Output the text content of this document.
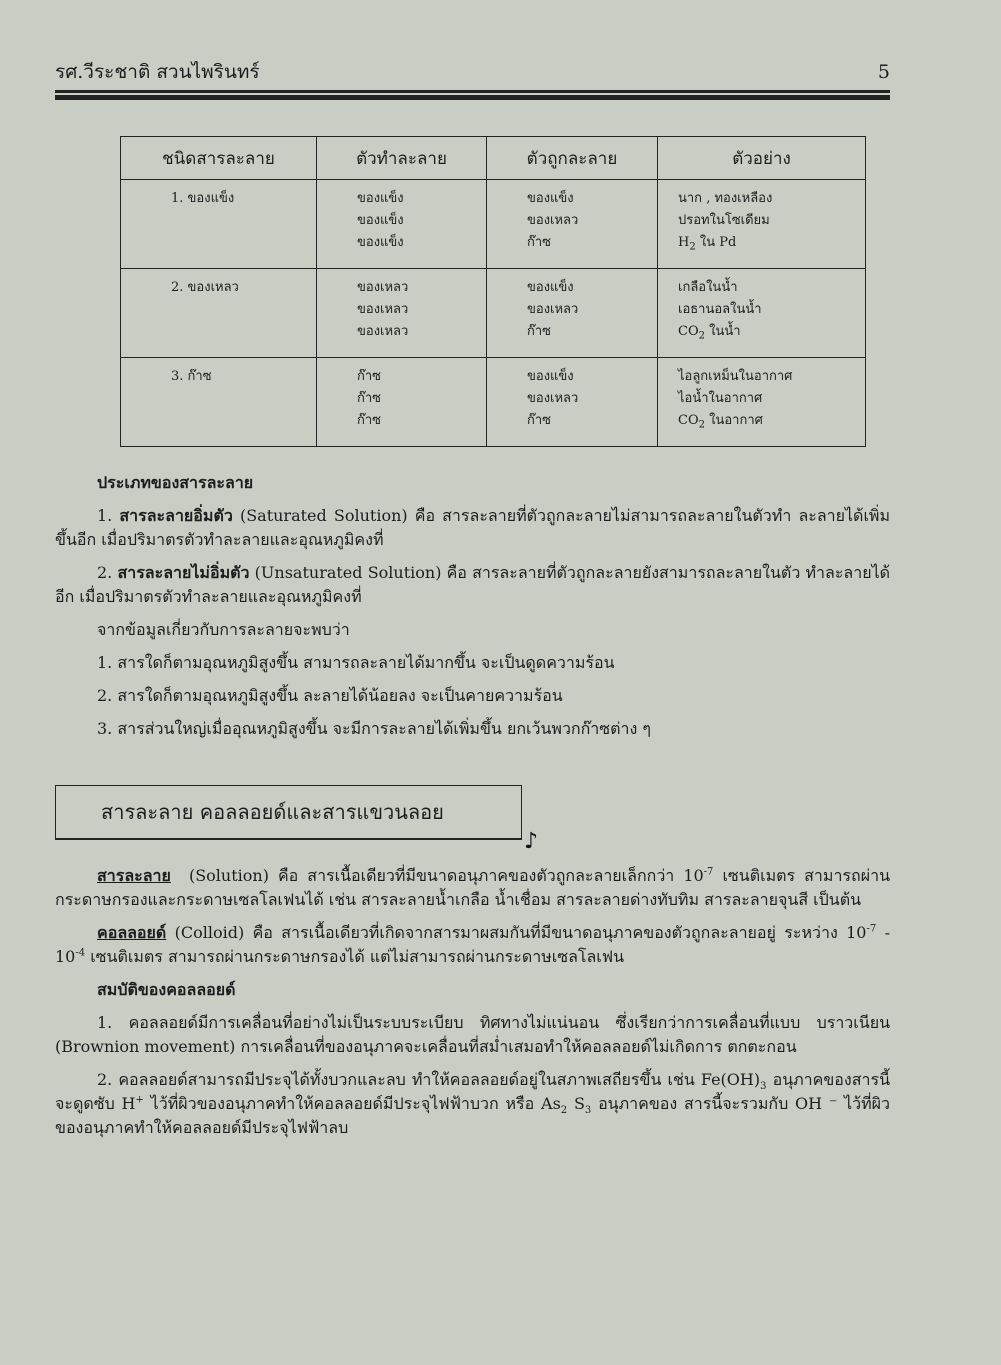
รศ.วีระชาติ สวนไพรินทร์	5
ชนิดสารละลาย	ตัวทำละลาย	ตัวถูกละลาย	ตัวอย่าง
1. ของแข็ง	ของแข็ง
ของแข็ง
ของแข็ง

ของแข็ง
ของเหลว
ก๊าซ

นาก , ทองเหลือง
ปรอทในโซเดียม
$H_2$ ใน Pd

2. ของเหลว	ของเหลว
ของเหลว
ของเหลว

ของแข็ง
ของเหลว
ก๊าซ

เกลือในน้ำ
เอธานอลในน้ำ
$CO_2$ ในน้ำ

3. ก๊าซ	ก๊าซ
ก๊าซ
ก๊าซ

ของแข็ง
ของเหลว
ก๊าซ

ไอลูกเหม็นในอากาศ
ไอน้ำในอากาศ
$CO_2$ ในอากาศ
ประเภทของสารละลาย
1. สารละลายอิ่มตัว (Saturated Solution) คือ สารละลายที่ตัวถูกละลายไม่สามารถละลายในตัวทำ ละลายได้เพิ่มขึ้นอีก เมื่อปริมาตรตัวทำละลายและอุณหภูมิคงที่
2. สารละลายไม่อิ่มตัว (Unsaturated Solution) คือ สารละลายที่ตัวถูกละลายยังสามารถละลายในตัว ทำละลายได้อีก เมื่อปริมาตรตัวทำละลายและอุณหภูมิคงที่
จากข้อมูลเกี่ยวกับการละลายจะพบว่า
1. สารใดก็ตามอุณหภูมิสูงขึ้น สามารถละลายได้มากขึ้น จะเป็นดูดความร้อน
2. สารใดก็ตามอุณหภูมิสูงขึ้น ละลายได้น้อยลง จะเป็นคายความร้อน
3. สารส่วนใหญ่เมื่ออุณหภูมิสูงขึ้น จะมีการละลายได้เพิ่มขึ้น ยกเว้นพวกก๊าซต่าง ๆ
สารละลาย คอลลอยด์และสารแขวนลอย
♪
สารละลาย (Solution) คือ สารเนื้อเดียวที่มีขนาดอนุภาคของตัวถูกละลายเล็กกว่า $10^{-7}$ เซนติเมตร สามารถผ่านกระดาษกรองและกระดาษเซลโลเฟนได้ เช่น สารละลายน้ำเกลือ น้ำเชื่อม สารละลายด่างทับทิม สารละลายจุนสี เป็นต้น
คอลลอยด์ (Colloid) คือ สารเนื้อเดียวที่เกิดจากสารมาผสมกันที่มีขนาดอนุภาคของตัวถูกละลายอยู่ ระหว่าง $10^{-7} - 10^{-4}$ เซนติเมตร สามารถผ่านกระดาษกรองได้ แต่ไม่สามารถผ่านกระดาษเซลโลเฟน
สมบัติของคอลลอยด์
1. คอลลอยด์มีการเคลื่อนที่อย่างไม่เป็นระบบระเบียบ ทิศทางไม่แน่นอน ซึ่งเรียกว่าการเคลื่อนที่แบบ บราวเนียน (Brownion movement) การเคลื่อนที่ของอนุภาคจะเคลื่อนที่สม่ำเสมอทำให้คอลลอยด์ไม่เกิดการ ตกตะกอน
2. คอลลอยด์สามารถมีประจุได้ทั้งบวกและลบ ทำให้คอลลอยด์อยู่ในสภาพเสถียรขึ้น เช่น $Fe(OH)_3$ อนุภาคของสารนี้จะดูดซับ H+ ไว้ที่ผิวของอนุภาคทำให้คอลลอยด์มีประจุไฟฟ้าบวก หรือ $As_2$ $S_3$ อนุภาคของ สารนี้จะรวมกับ OH ⁻ ไว้ที่ผิวของอนุภาคทำให้คอลลอยด์มีประจุไฟฟ้าลบ
